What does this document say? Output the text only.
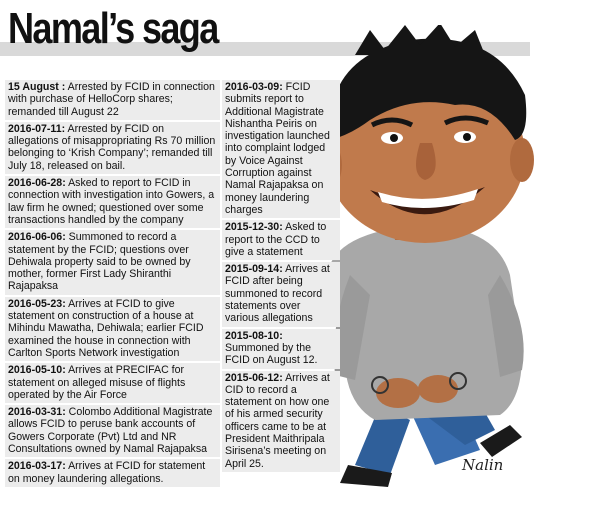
Namal’s saga
15 August : Arrested by FCID in connection with purchase of HelloCorp shares; remanded till August 22
2016-07-11: Arrested by FCID on allegations of misappropriating Rs 70 million belonging to ‘Krish Company’; remanded till July 18, released on bail.
2016-06-28: Asked to report to FCID in connection with investigation into Gowers, a law firm he owned; questioned over some transactions handled by the company
2016-06-06: Summoned to record a statement by the FCID; questions over Dehiwala property said to be owned by mother, former First Lady Shiranthi Rajapaksa
2016-05-23: Arrives at FCID to give statement on construction of a house at Mihindu Mawatha, Dehiwala; earlier FCID examined the house in connection with Carlton Sports Network investigation
2016-05-10: Arrives at PRECIFAC for statement on alleged misuse of flights operated by the Air Force
2016-03-31: Colombo Additional Magistrate allows FCID to peruse bank accounts of Gowers Corporate (Pvt) Ltd and NR Consultations owned by Namal Rajapaksa
2016-03-17: Arrives at FCID for statement on money laundering allegations.
2016-03-09: FCID submits report to Additional Magistrate Nishantha Peiris on investigation launched into complaint lodged by Voice Against Corruption against Namal Rajapaksa on money laundering charges
2015-12-30: Asked to report to the CCD to give a statement
2015-09-14: Arrives at FCID after being summoned to record statements over various allegations
2015-08-10: Summoned by the FCID on August 12.
2015-06-12: Arrives at CID to record a statement on how one of his armed security officers came to be at President Maithripala Sirisena’s meeting on April 25.	Nalin
